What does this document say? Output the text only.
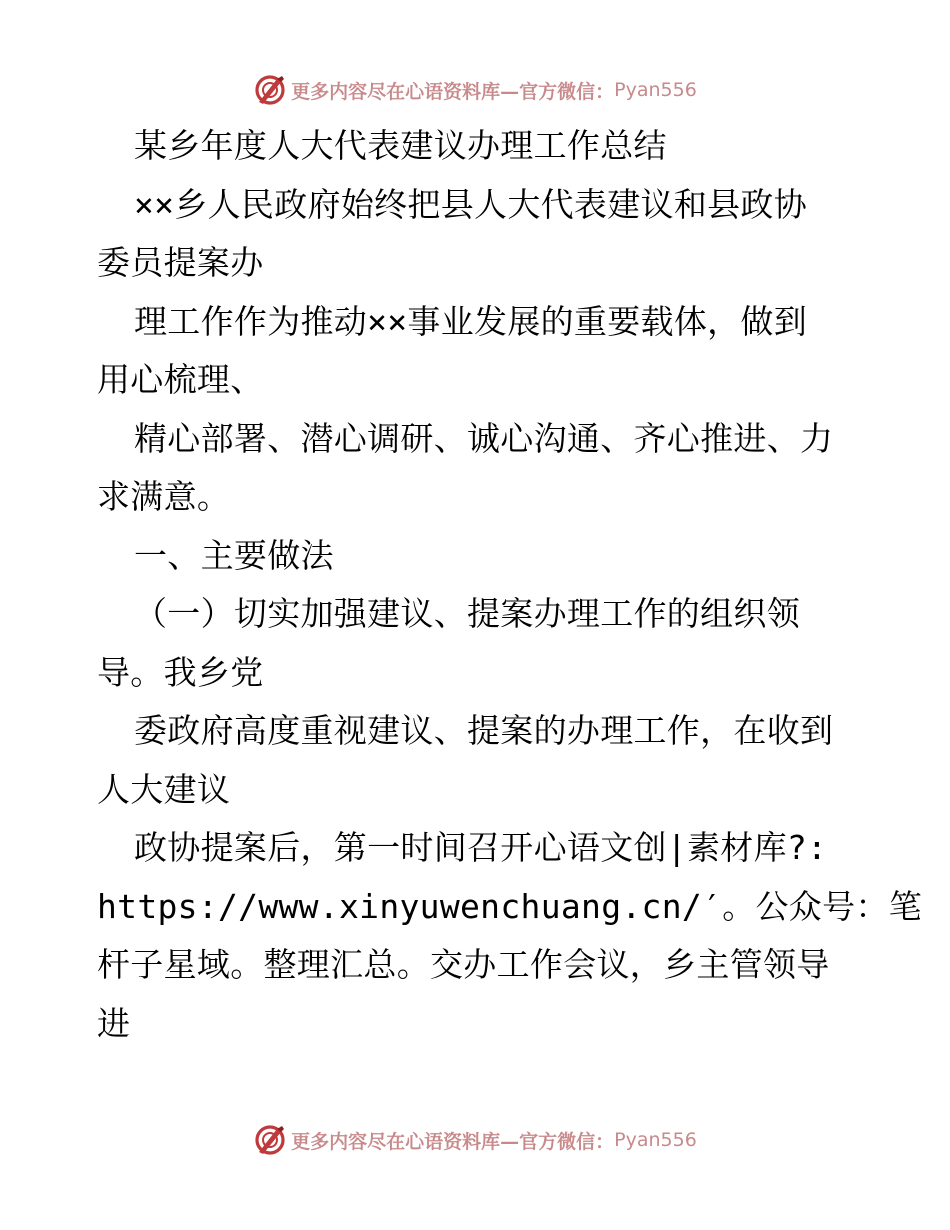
更多内容尽在心语资料库—官方微信： Pyan556
某乡年度人大代表建议办理工作总结
××乡人民政府始终把县人大代表建议和县政协
委员提案办
理工作作为推动××事业发展的重要载体，做到
用心梳理、
精心部署、潜心调研、诚心沟通、齐心推进、力
求满意。
一、主要做法
（一）切实加强建议、提案办理工作的组织领
导。我乡党
委政府高度重视建议、提案的办理工作，在收到
人大建议
政协提案后，第一时间召开心语文创|素材库?:
https://www.xinyuwenchuang.cn/′。公众号：笔
杆子星域。整理汇总。交办工作会议，乡主管领导
进
更多内容尽在心语资料库—官方微信： Pyan556
